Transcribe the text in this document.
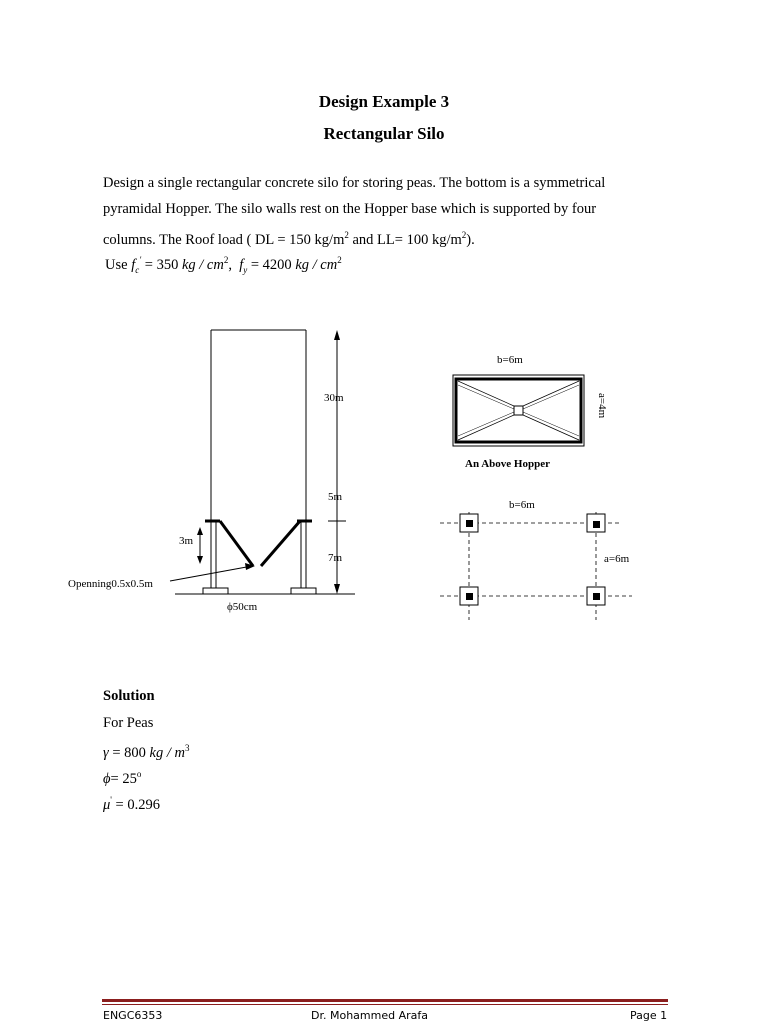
Design Example 3
Rectangular Silo
Design a single rectangular concrete silo for storing peas. The bottom is a symmetrical
pyramidal Hopper. The silo walls rest on the Hopper base which is supported by four
columns. The Roof load ( DL = 150 $kg/m^2$ and LL= 100 $kg/m^2$).
Use $f_c' = 350$ kg / $cm^2$,  $f_y = 4200$ kg / $cm^2$
30m
5m
7m
3m
Openning0.5x0.5m
ϕ50cm
b=6m
a=4m
An Above Hopper
b=6m
a=6m
Solution
For Peas
γ = 800 kg / $m^3$
$\phi= 25^o$
μ' = 0.296
ENGC6353	Dr. Mohammed Arafa	Page 1
